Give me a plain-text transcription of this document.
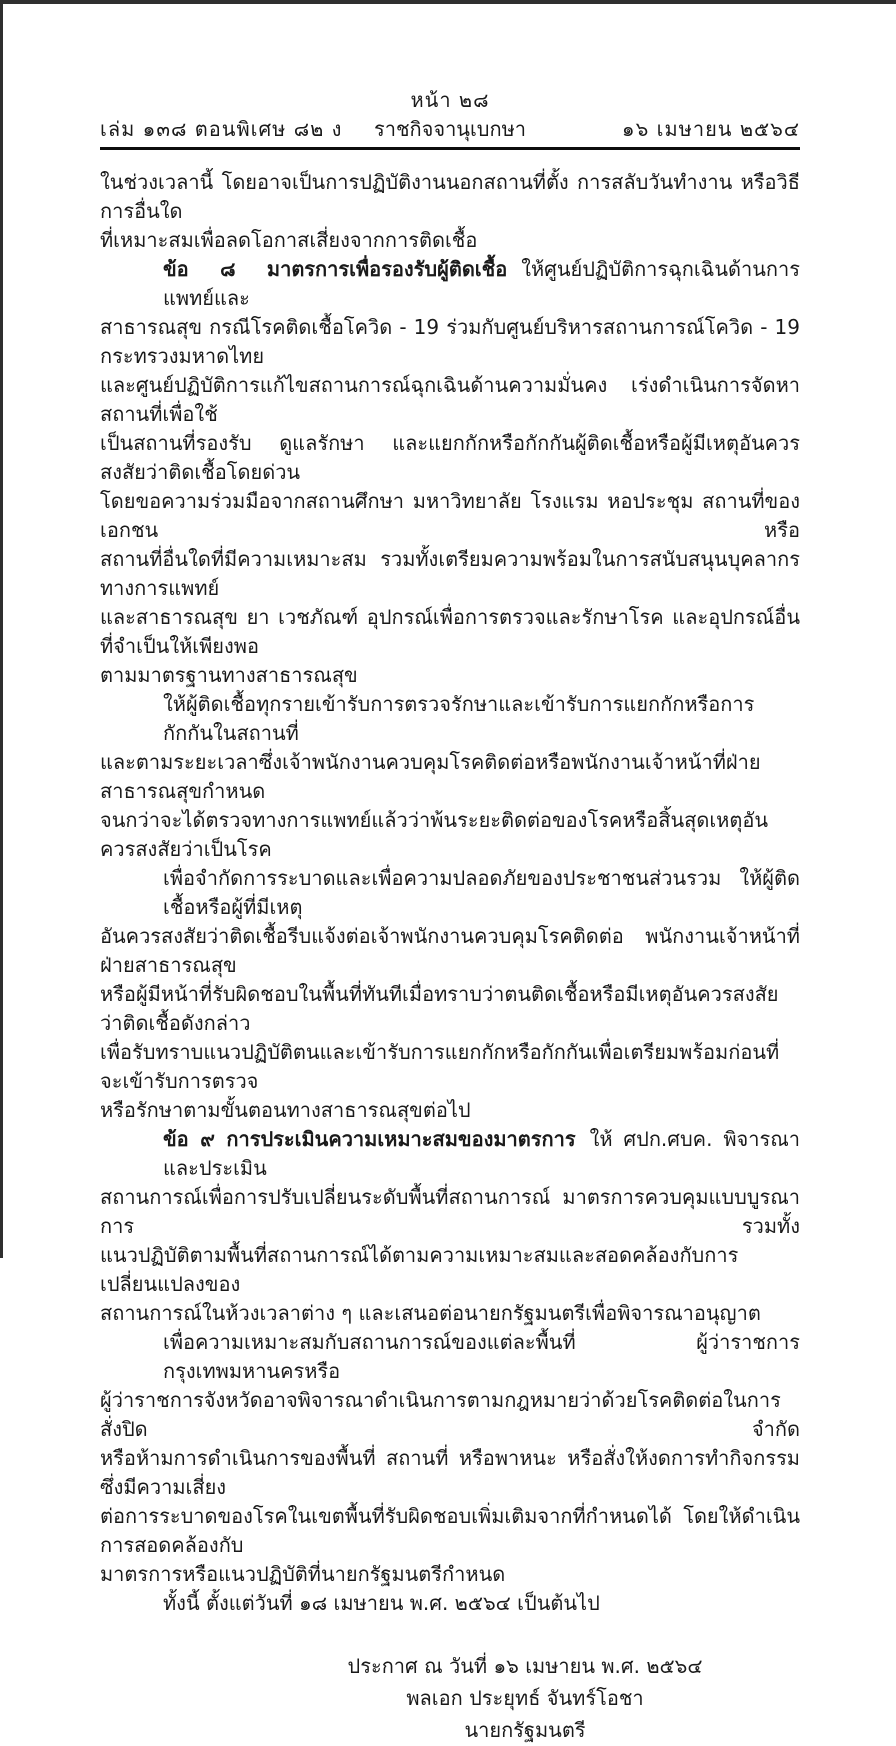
หน้า ๒๘
เล่ม ๑๓๘ ตอนพิเศษ ๘๒ ง	ราชกิจจานุเบกษา	๑๖ เมษายน ๒๕๖๔
ในช่วงเวลานี้ โดยอาจเป็นการปฏิบัติงานนอกสถานที่ตั้ง การสลับวันทำงาน หรือวิธีการอื่นใด
ที่เหมาะสมเพื่อลดโอกาสเสี่ยงจากการติดเชื้อ
ข้อ ๘ มาตรการเพื่อรองรับผู้ติดเชื้อ ให้ศูนย์ปฏิบัติการฉุกเฉินด้านการแพทย์และ
สาธารณสุข กรณีโรคติดเชื้อโควิด - 19 ร่วมกับศูนย์บริหารสถานการณ์โควิด - 19 กระทรวงมหาดไทย
และศูนย์ปฏิบัติการแก้ไขสถานการณ์ฉุกเฉินด้านความมั่นคง เร่งดำเนินการจัดหาสถานที่เพื่อใช้
เป็นสถานที่รองรับ ดูแลรักษา และแยกกักหรือกักกันผู้ติดเชื้อหรือผู้มีเหตุอันควรสงสัยว่าติดเชื้อโดยด่วน
โดยขอความร่วมมือจากสถานศึกษา มหาวิทยาลัย โรงแรม หอประชุม สถานที่ของเอกชน หรือ
สถานที่อื่นใดที่มีความเหมาะสม รวมทั้งเตรียมความพร้อมในการสนับสนุนบุคลากรทางการแพทย์
และสาธารณสุข ยา เวชภัณฑ์ อุปกรณ์เพื่อการตรวจและรักษาโรค และอุปกรณ์อื่นที่จำเป็นให้เพียงพอ
ตามมาตรฐานทางสาธารณสุข
ให้ผู้ติดเชื้อทุกรายเข้ารับการตรวจรักษาและเข้ารับการแยกกักหรือการกักกันในสถานที่
และตามระยะเวลาซึ่งเจ้าพนักงานควบคุมโรคติดต่อหรือพนักงานเจ้าหน้าที่ฝ่ายสาธารณสุขกำหนด
จนกว่าจะได้ตรวจทางการแพทย์แล้วว่าพ้นระยะติดต่อของโรคหรือสิ้นสุดเหตุอันควรสงสัยว่าเป็นโรค
เพื่อจำกัดการระบาดและเพื่อความปลอดภัยของประชาชนส่วนรวม ให้ผู้ติดเชื้อหรือผู้ที่มีเหตุ
อันควรสงสัยว่าติดเชื้อรีบแจ้งต่อเจ้าพนักงานควบคุมโรคติดต่อ พนักงานเจ้าหน้าที่ฝ่ายสาธารณสุข
หรือผู้มีหน้าที่รับผิดชอบในพื้นที่ทันทีเมื่อทราบว่าตนติดเชื้อหรือมีเหตุอันควรสงสัยว่าติดเชื้อดังกล่าว
เพื่อรับทราบแนวปฏิบัติตนและเข้ารับการแยกกักหรือกักกันเพื่อเตรียมพร้อมก่อนที่จะเข้ารับการตรวจ
หรือรักษาตามขั้นตอนทางสาธารณสุขต่อไป
ข้อ ๙ การประเมินความเหมาะสมของมาตรการ ให้ ศปก.ศบค. พิจารณาและประเมิน
สถานการณ์เพื่อการปรับเปลี่ยนระดับพื้นที่สถานการณ์ มาตรการควบคุมแบบบูรณาการ รวมทั้ง
แนวปฏิบัติตามพื้นที่สถานการณ์ได้ตามความเหมาะสมและสอดคล้องกับการเปลี่ยนแปลงของ
สถานการณ์ในห้วงเวลาต่าง ๆ และเสนอต่อนายกรัฐมนตรีเพื่อพิจารณาอนุญาต
เพื่อความเหมาะสมกับสถานการณ์ของแต่ละพื้นที่ ผู้ว่าราชการกรุงเทพมหานครหรือ
ผู้ว่าราชการจังหวัดอาจพิจารณาดำเนินการตามกฎหมายว่าด้วยโรคติดต่อในการสั่งปิด จำกัด
หรือห้ามการดำเนินการของพื้นที่ สถานที่ หรือพาหนะ หรือสั่งให้งดการทำกิจกรรมซึ่งมีความเสี่ยง
ต่อการระบาดของโรคในเขตพื้นที่รับผิดชอบเพิ่มเติมจากที่กำหนดได้ โดยให้ดำเนินการสอดคล้องกับ
มาตรการหรือแนวปฏิบัติที่นายกรัฐมนตรีกำหนด
ทั้งนี้ ตั้งแต่วันที่ ๑๘ เมษายน พ.ศ. ๒๕๖๔ เป็นต้นไป
ประกาศ ณ วันที่ ๑๖ เมษายน พ.ศ. ๒๕๖๔
พลเอก ประยุทธ์ จันทร์โอชา
นายกรัฐมนตรี
